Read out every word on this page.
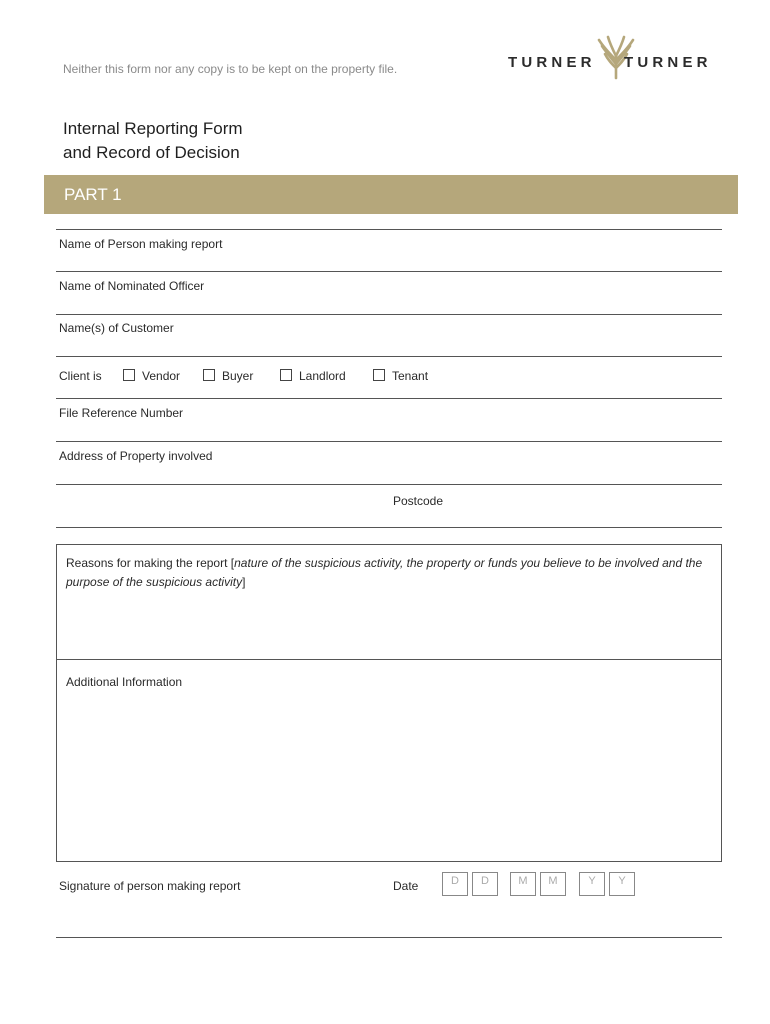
Neither this form nor any copy is to be kept on the property file.	TURNER TURNER
Internal Reporting Form
and Record of Decision
PART 1
Name of Person making report
Name of Nominated Officer
Name(s) of Customer
Client is	Vendor	Buyer	Landlord	Tenant
File Reference Number
Address of Property involved
Postcode
Reasons for making the report [nature of the suspicious activity, the property or funds you believe to be involved and the purpose of the suspicious activity]
Additional Information
Signature of person making report	Date	D	D	M	M	Y	Y
